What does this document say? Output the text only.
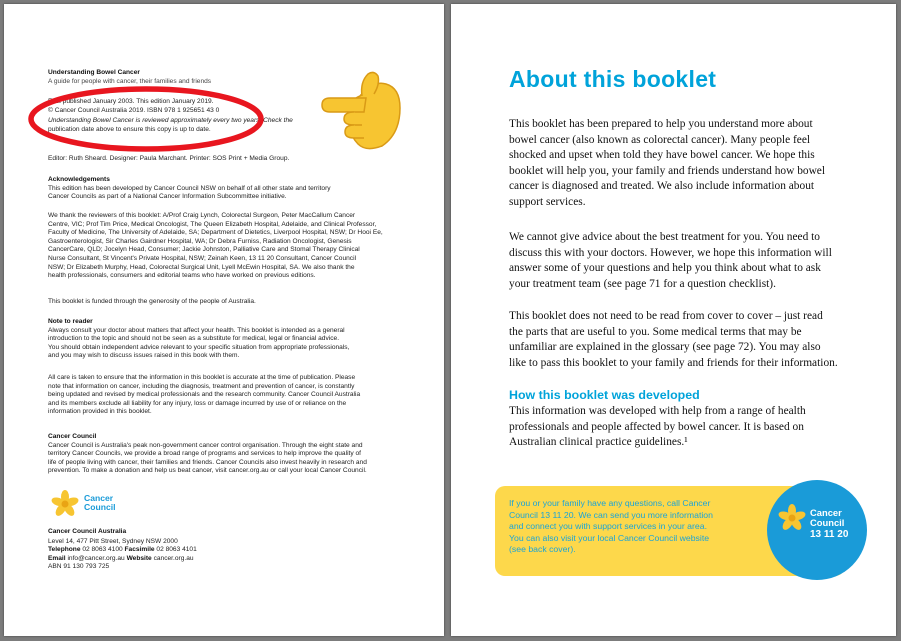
Understanding Bowel Cancer

A guide for people with cancer, their families and friends

First published January 2003. This edition January 2019.

© Cancer Council Australia 2019. ISBN 978 1 925651 43 0

Understanding Bowel Cancer is reviewed approximately every two years. Check the

publication date above to ensure this copy is up to date.

Editor: Ruth Sheard. Designer: Paula Marchant. Printer: SOS Print + Media Group.

Acknowledgements

This edition has been developed by Cancer Council NSW on behalf of all other state and territory

Cancer Councils as part of a National Cancer Information Subcommittee initiative.

We thank the reviewers of this booklet: A/Prof Craig Lynch, Colorectal Surgeon, Peter MacCallum Cancer

Centre, VIC; Prof Tim Price, Medical Oncologist, The Queen Elizabeth Hospital, Adelaide, and Clinical Professor,

Faculty of Medicine, The University of Adelaide, SA; Department of Dietetics, Liverpool Hospital, NSW; Dr Hooi Ee,

Gastroenterologist, Sir Charles Gairdner Hospital, WA; Dr Debra Furniss, Radiation Oncologist, Genesis

CancerCare, QLD; Jocelyn Head, Consumer; Jackie Johnston, Palliative Care and Stomal Therapy Clinical

Nurse Consultant, St Vincent's Private Hospital, NSW; Zeinah Keen, 13 11 20 Consultant, Cancer Council

NSW; Dr Elizabeth Murphy, Head, Colorectal Surgical Unit, Lyell McEwin Hospital, SA. We also thank the

health professionals, consumers and editorial teams who have worked on previous editions.

This booklet is funded through the generosity of the people of Australia.

Note to reader

Always consult your doctor about matters that affect your health. This booklet is intended as a general

introduction to the topic and should not be seen as a substitute for medical, legal or financial advice.

You should obtain independent advice relevant to your specific situation from appropriate professionals,

and you may wish to discuss issues raised in this book with them.

All care is taken to ensure that the information in this booklet is accurate at the time of publication. Please

note that information on cancer, including the diagnosis, treatment and prevention of cancer, is constantly

being updated and revised by medical professionals and the research community. Cancer Council Australia

and its members exclude all liability for any injury, loss or damage incurred by use of or reliance on the

information provided in this booklet.

Cancer Council

Cancer Council is Australia's peak non-government cancer control organisation. Through the eight state and

territory Cancer Councils, we provide a broad range of programs and services to help improve the quality of

life of people living with cancer, their families and friends. Cancer Councils also invest heavily in research and

prevention. To make a donation and help us beat cancer, visit cancer.org.au or call your local Cancer Council.

Cancer
Council

Cancer Council Australia

Level 14, 477 Pitt Street, Sydney NSW 2000

Telephone 02 8063 4100 Facsimile 02 8063 4101

Email info@cancer.org.au Website cancer.org.au

ABN 91 130 793 725

About this booklet

This booklet has been prepared to help you understand more about bowel cancer (also known as colorectal cancer). Many people feel shocked and upset when told they have bowel cancer. We hope this booklet will help you, your family and friends understand how bowel cancer is diagnosed and treated. We also include information about support services.

We cannot give advice about the best treatment for you. You need to discuss this with your doctors. However, we hope this information will answer some of your questions and help you think about what to ask your treatment team (see page 71 for a question checklist).

This booklet does not need to be read from cover to cover – just read the parts that are useful to you. Some medical terms that may be unfamiliar are explained in the glossary (see page 72). You may also like to pass this booklet to your family and friends for their information.

How this booklet was developed

This information was developed with help from a range of health professionals and people affected by bowel cancer. It is based on Australian clinical practice guidelines.¹

If you or your family have any questions, call Cancer Council 13 11 20. We can send you more information and connect you with support services in your area. You can also visit your local Cancer Council website (see back cover).
Cancer
Council
13 11 20
